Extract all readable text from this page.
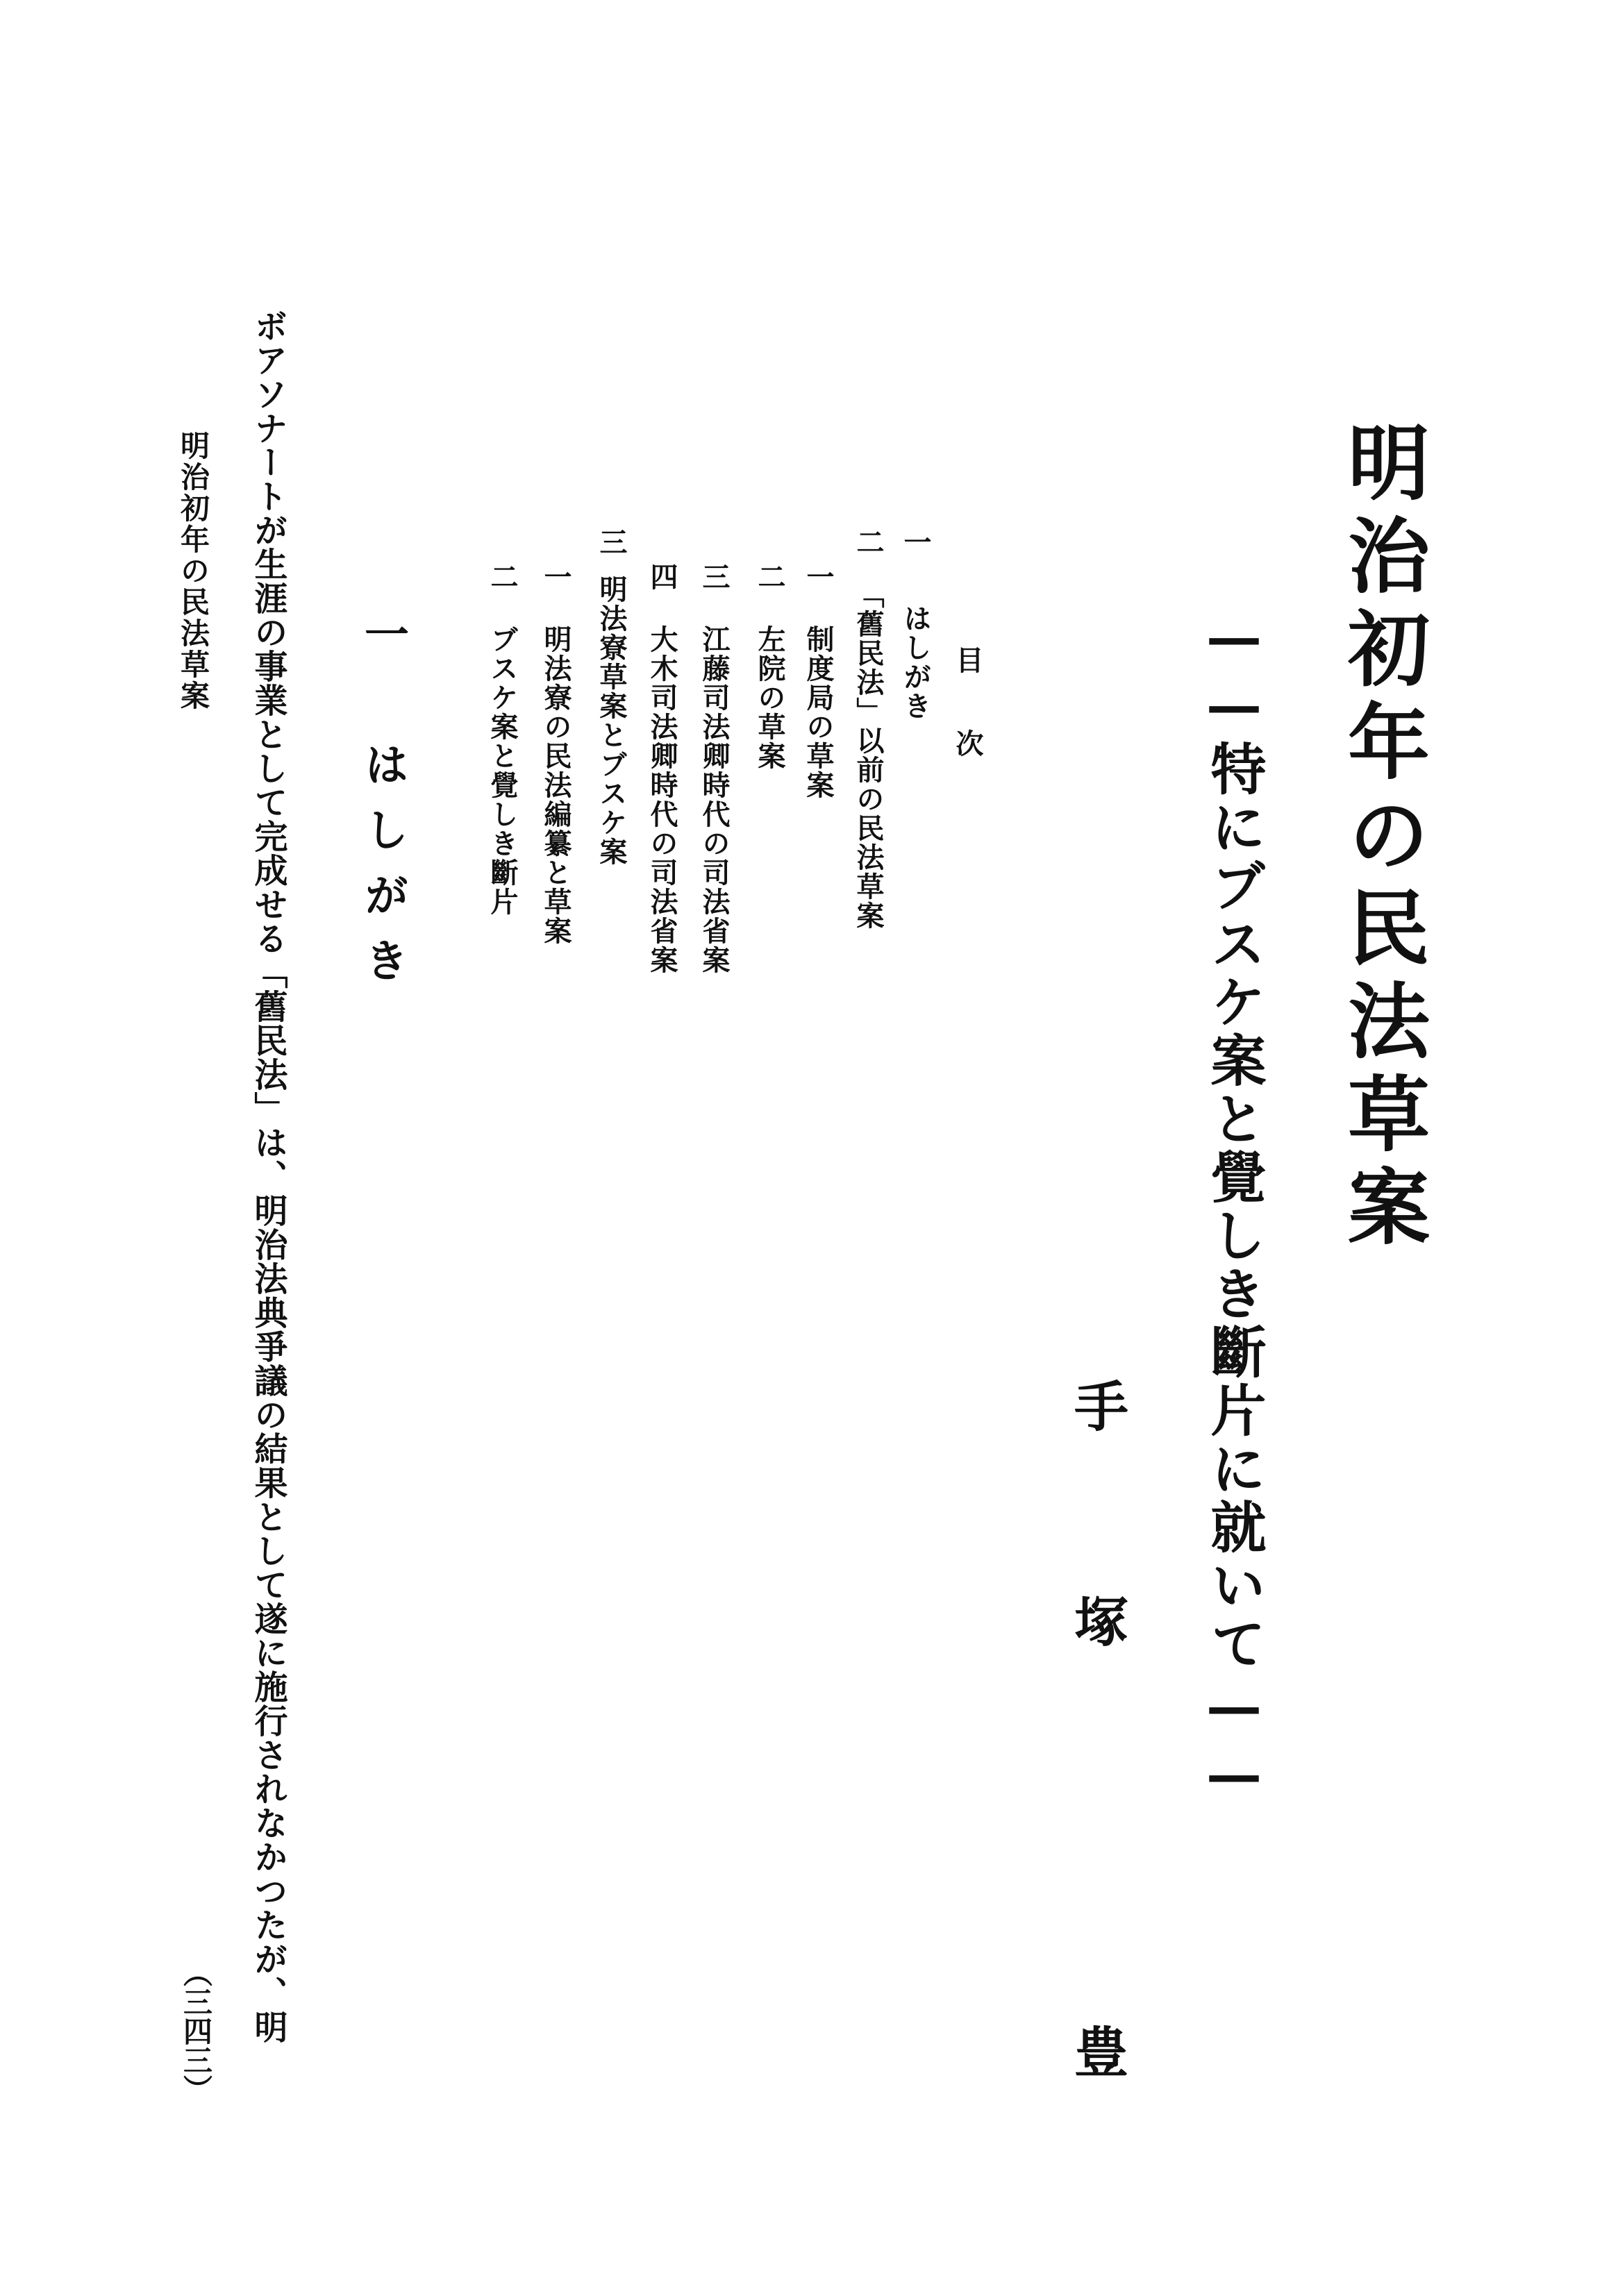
明治初年の民法草案
——特にブスケ案と覺しき斷片に就いて——
手
塚
豊
目
次
一はしがき
二「舊民法」以前の民法草案
一制度局の草案
二左院の草案
三江藤司法卿時代の司法省案
四大木司法卿時代の司法省案
三明法寮草案とブスケ案
一明法寮の民法編纂と草案
二ブスケ案と覺しき斷片
一　はしがき
ボアソナートが生涯の事業として完成せる「舊民法」は、明治法典爭議の結果として遂に施行されなかつたが、明
明治初年の民法草案
（三四三）
